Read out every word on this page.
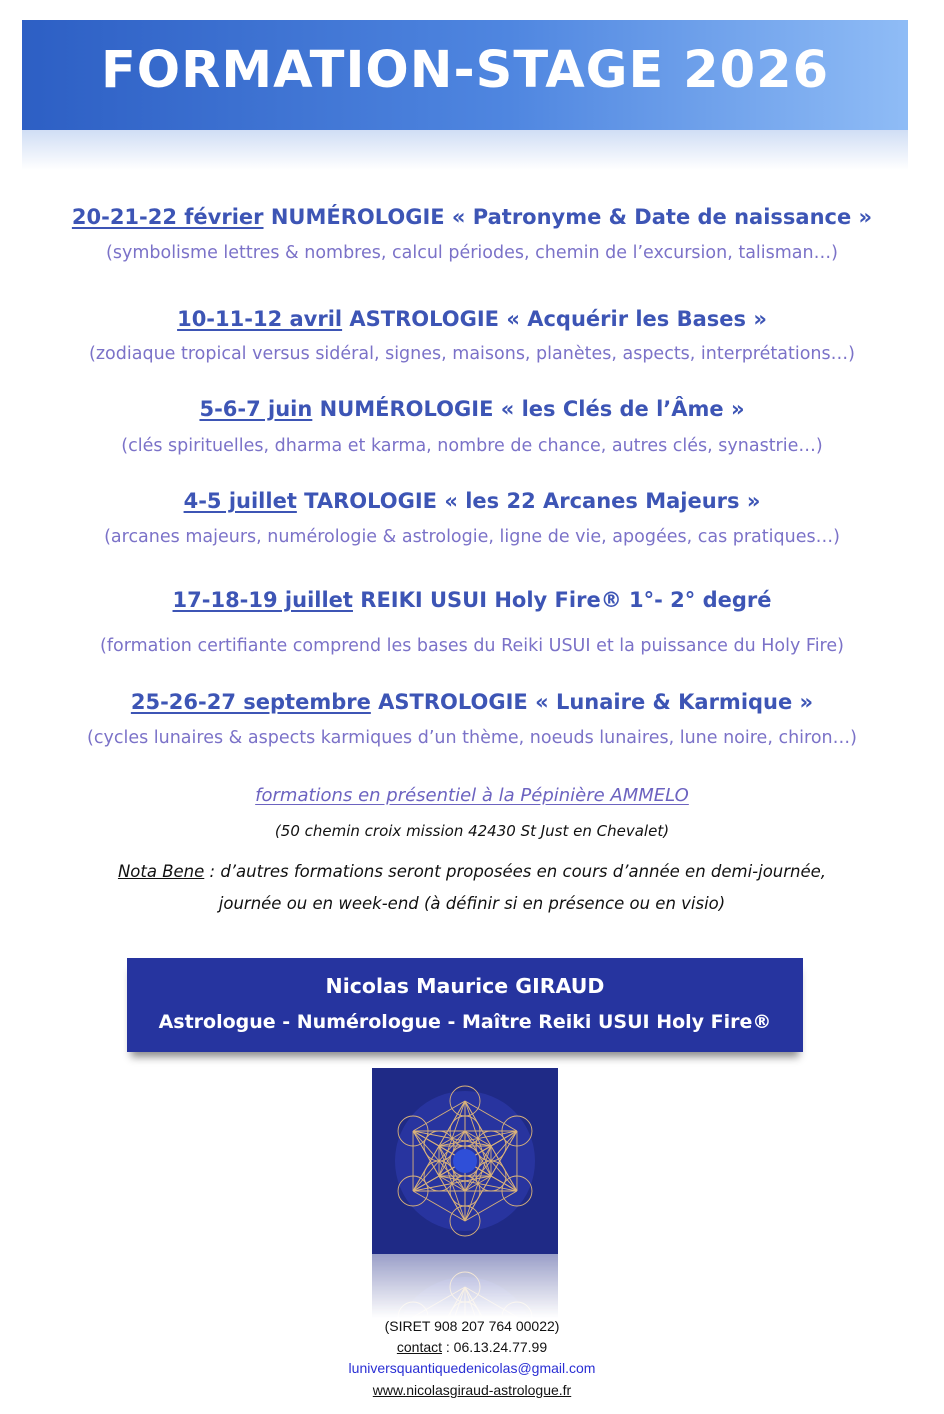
FORMATION-STAGE 2026
20-21-22 février NUMÉROLOGIE « Patronyme & Date de naissance »
(symbolisme lettres & nombres, calcul périodes, chemin de l’excursion, talisman…)
10-11-12 avril ASTROLOGIE « Acquérir les Bases »
(zodiaque tropical versus sidéral, signes, maisons, planètes, aspects, interprétations…)
5-6-7 juin NUMÉROLOGIE « les Clés de l’Âme »
(clés spirituelles, dharma et karma, nombre de chance, autres clés, synastrie…)
4-5 juillet TAROLOGIE « les 22 Arcanes Majeurs »
(arcanes majeurs, numérologie & astrologie, ligne de vie, apogées, cas pratiques…)
17-18-19 juillet REIKI USUI Holy Fire® 1°- 2° degré
(formation certifiante comprend les bases du Reiki USUI et la puissance du Holy Fire)
25-26-27 septembre ASTROLOGIE « Lunaire & Karmique »
(cycles lunaires & aspects karmiques d’un thème, noeuds lunaires, lune noire, chiron…)
formations en présentiel à la Pépinière AMMELO
(50 chemin croix mission 42430 St Just en Chevalet)
Nota Bene : d’autres formations seront proposées en cours d’année en demi-journée,
journée ou en week-end (à définir si en présence ou en visio)
Nicolas Maurice GIRAUD
Astrologue - Numérologue - Maître Reiki USUI Holy Fire®
(SIRET 908 207 764 00022)
contact : 06.13.24.77.99
luniversquantiquedenicolas@gmail.com
www.nicolasgiraud-astrologue.fr
